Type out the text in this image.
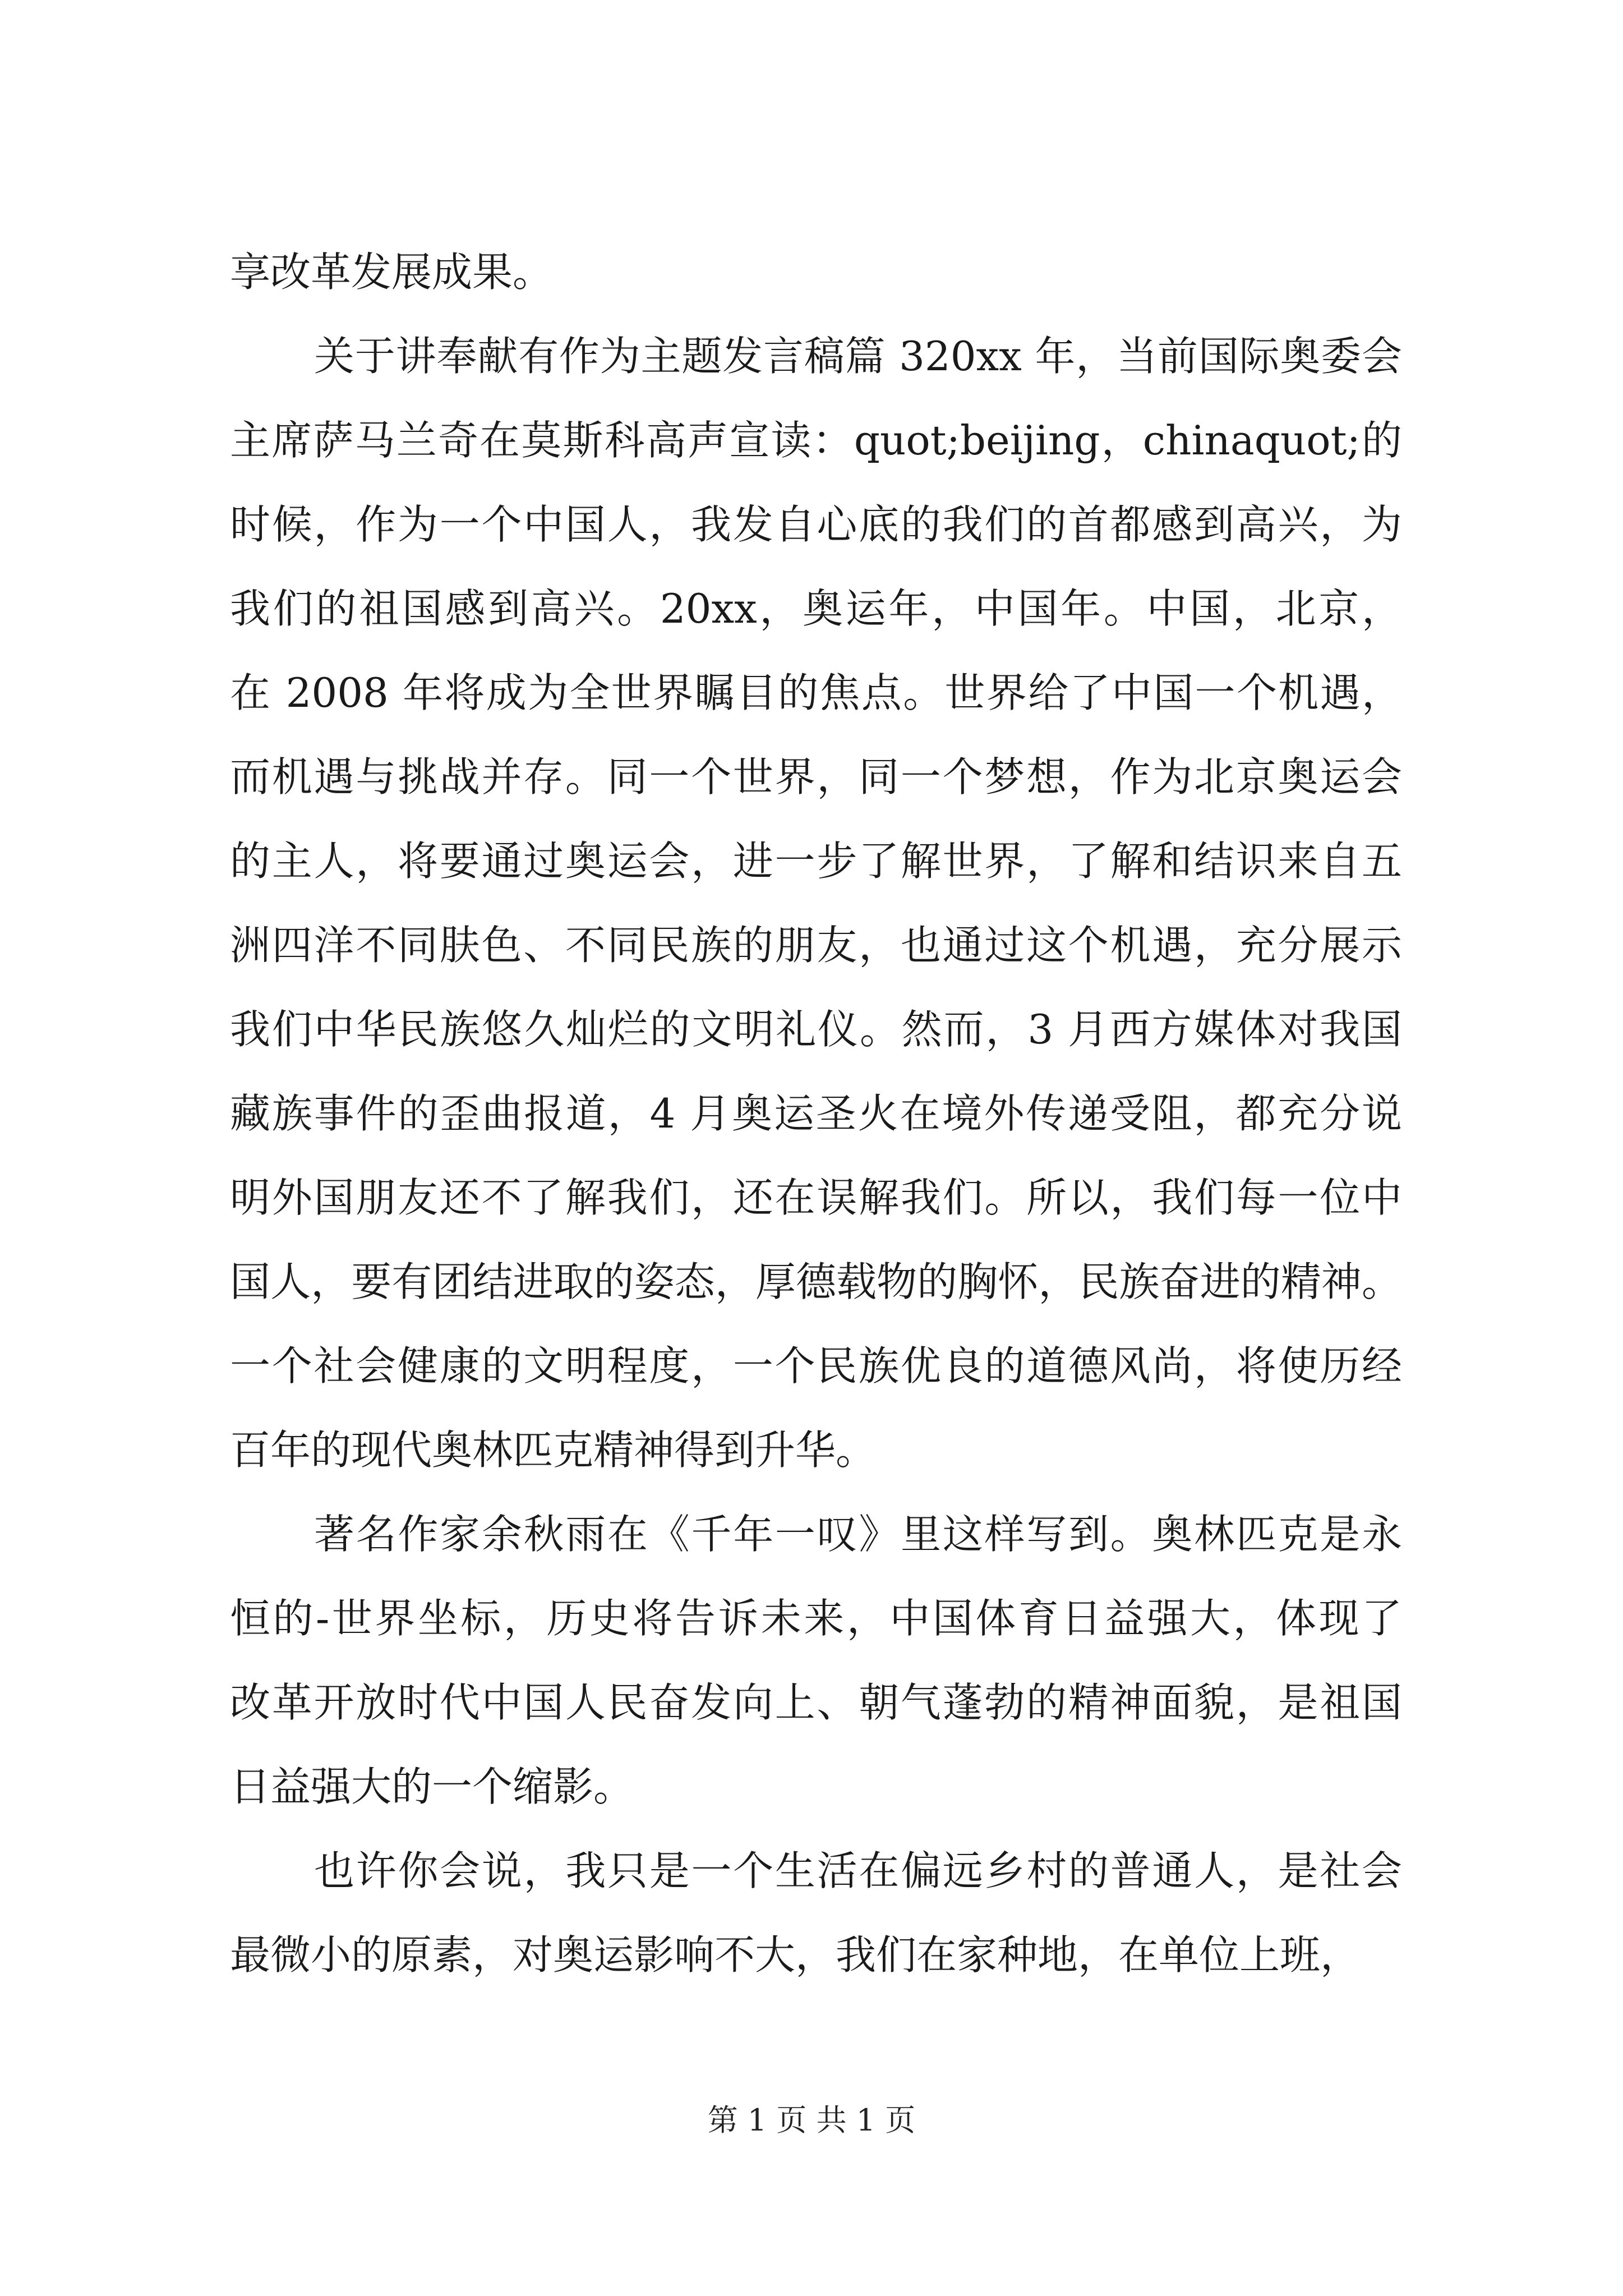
享改革发展成果。
关于讲奉献有作为主题发言稿篇 320xx 年，当前国际奥委会
主席萨马兰奇在莫斯科高声宣读：quot;beijing，chinaquot;的
时候，作为一个中国人，我发自心底的我们的首都感到高兴，为
我们的祖国感到高兴。20xx，奥运年，中国年。中国，北京，
在 2008 年将成为全世界瞩目的焦点。世界给了中国一个机遇，
而机遇与挑战并存。同一个世界，同一个梦想，作为北京奥运会
的主人，将要通过奥运会，进一步了解世界，了解和结识来自五
洲四洋不同肤色、不同民族的朋友，也通过这个机遇，充分展示
我们中华民族悠久灿烂的文明礼仪。然而，3 月西方媒体对我国
藏族事件的歪曲报道，4 月奥运圣火在境外传递受阻，都充分说
明外国朋友还不了解我们，还在误解我们。所以，我们每一位中
国人，要有团结进取的姿态，厚德载物的胸怀，民族奋进的精神。
一个社会健康的文明程度，一个民族优良的道德风尚，将使历经
百年的现代奥林匹克精神得到升华。
著名作家余秋雨在《千年一叹》里这样写到。奥林匹克是永
恒的-世界坐标，历史将告诉未来，中国体育日益强大，体现了
改革开放时代中国人民奋发向上、朝气蓬勃的精神面貌，是祖国
日益强大的一个缩影。
也许你会说，我只是一个生活在偏远乡村的普通人，是社会
最微小的原素，对奥运影响不大，我们在家种地，在单位上班，
第 1 页 共 1 页
